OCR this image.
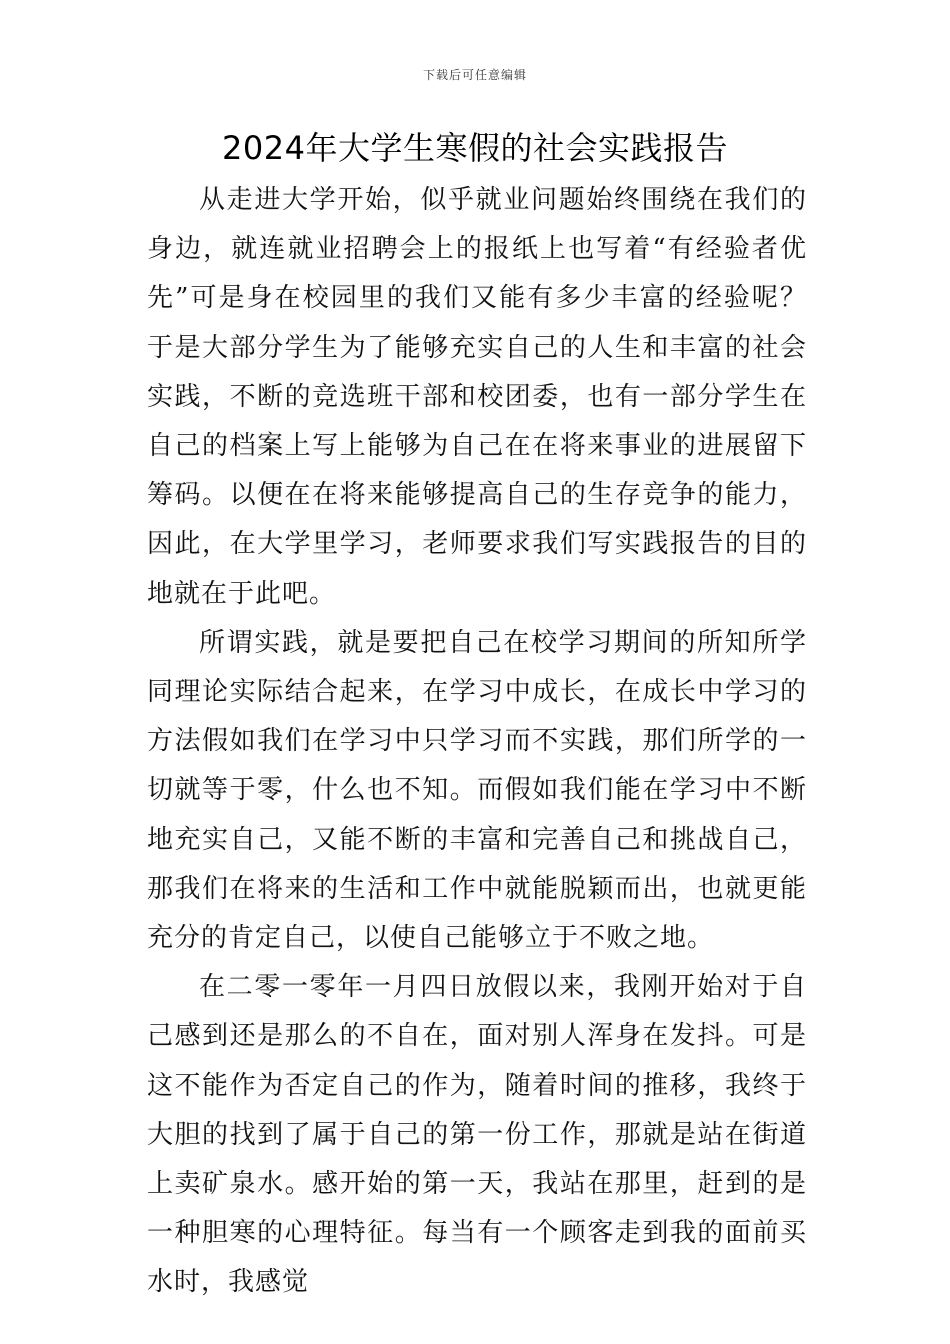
下载后可任意编辑
2024年大学生寒假的社会实践报告

从走进大学开始，似乎就业问题始终围绕在我们的身边，就连就业招聘会上的报纸上也写着“有经验者优先”可是身在校园里的我们又能有多少丰富的经验呢？于是大部分学生为了能够充实自己的人生和丰富的社会实践，不断的竞选班干部和校团委，也有一部分学生在自己的档案上写上能够为自己在在将来事业的进展留下筹码。以便在在将来能够提高自己的生存竞争的能力，因此，在大学里学习，老师要求我们写实践报告的目的地就在于此吧。

所谓实践，就是要把自己在校学习期间的所知所学同理论实际结合起来，在学习中成长，在成长中学习的方法假如我们在学习中只学习而不实践，那们所学的一切就等于零，什么也不知。而假如我们能在学习中不断地充实自己，又能不断的丰富和完善自己和挑战自己，那我们在将来的生活和工作中就能脱颖而出，也就更能充分的肯定自己，以使自己能够立于不败之地。

在二零一零年一月四日放假以来，我刚开始对于自己感到还是那么的不自在，面对别人浑身在发抖。可是这不能作为否定自己的作为，随着时间的推移，我终于大胆的找到了属于自己的第一份工作，那就是站在街道上卖矿泉水。感开始的第一天，我站在那里，赶到的是一种胆寒的心理特征。每当有一个顾客走到我的面前买水时，我感觉
